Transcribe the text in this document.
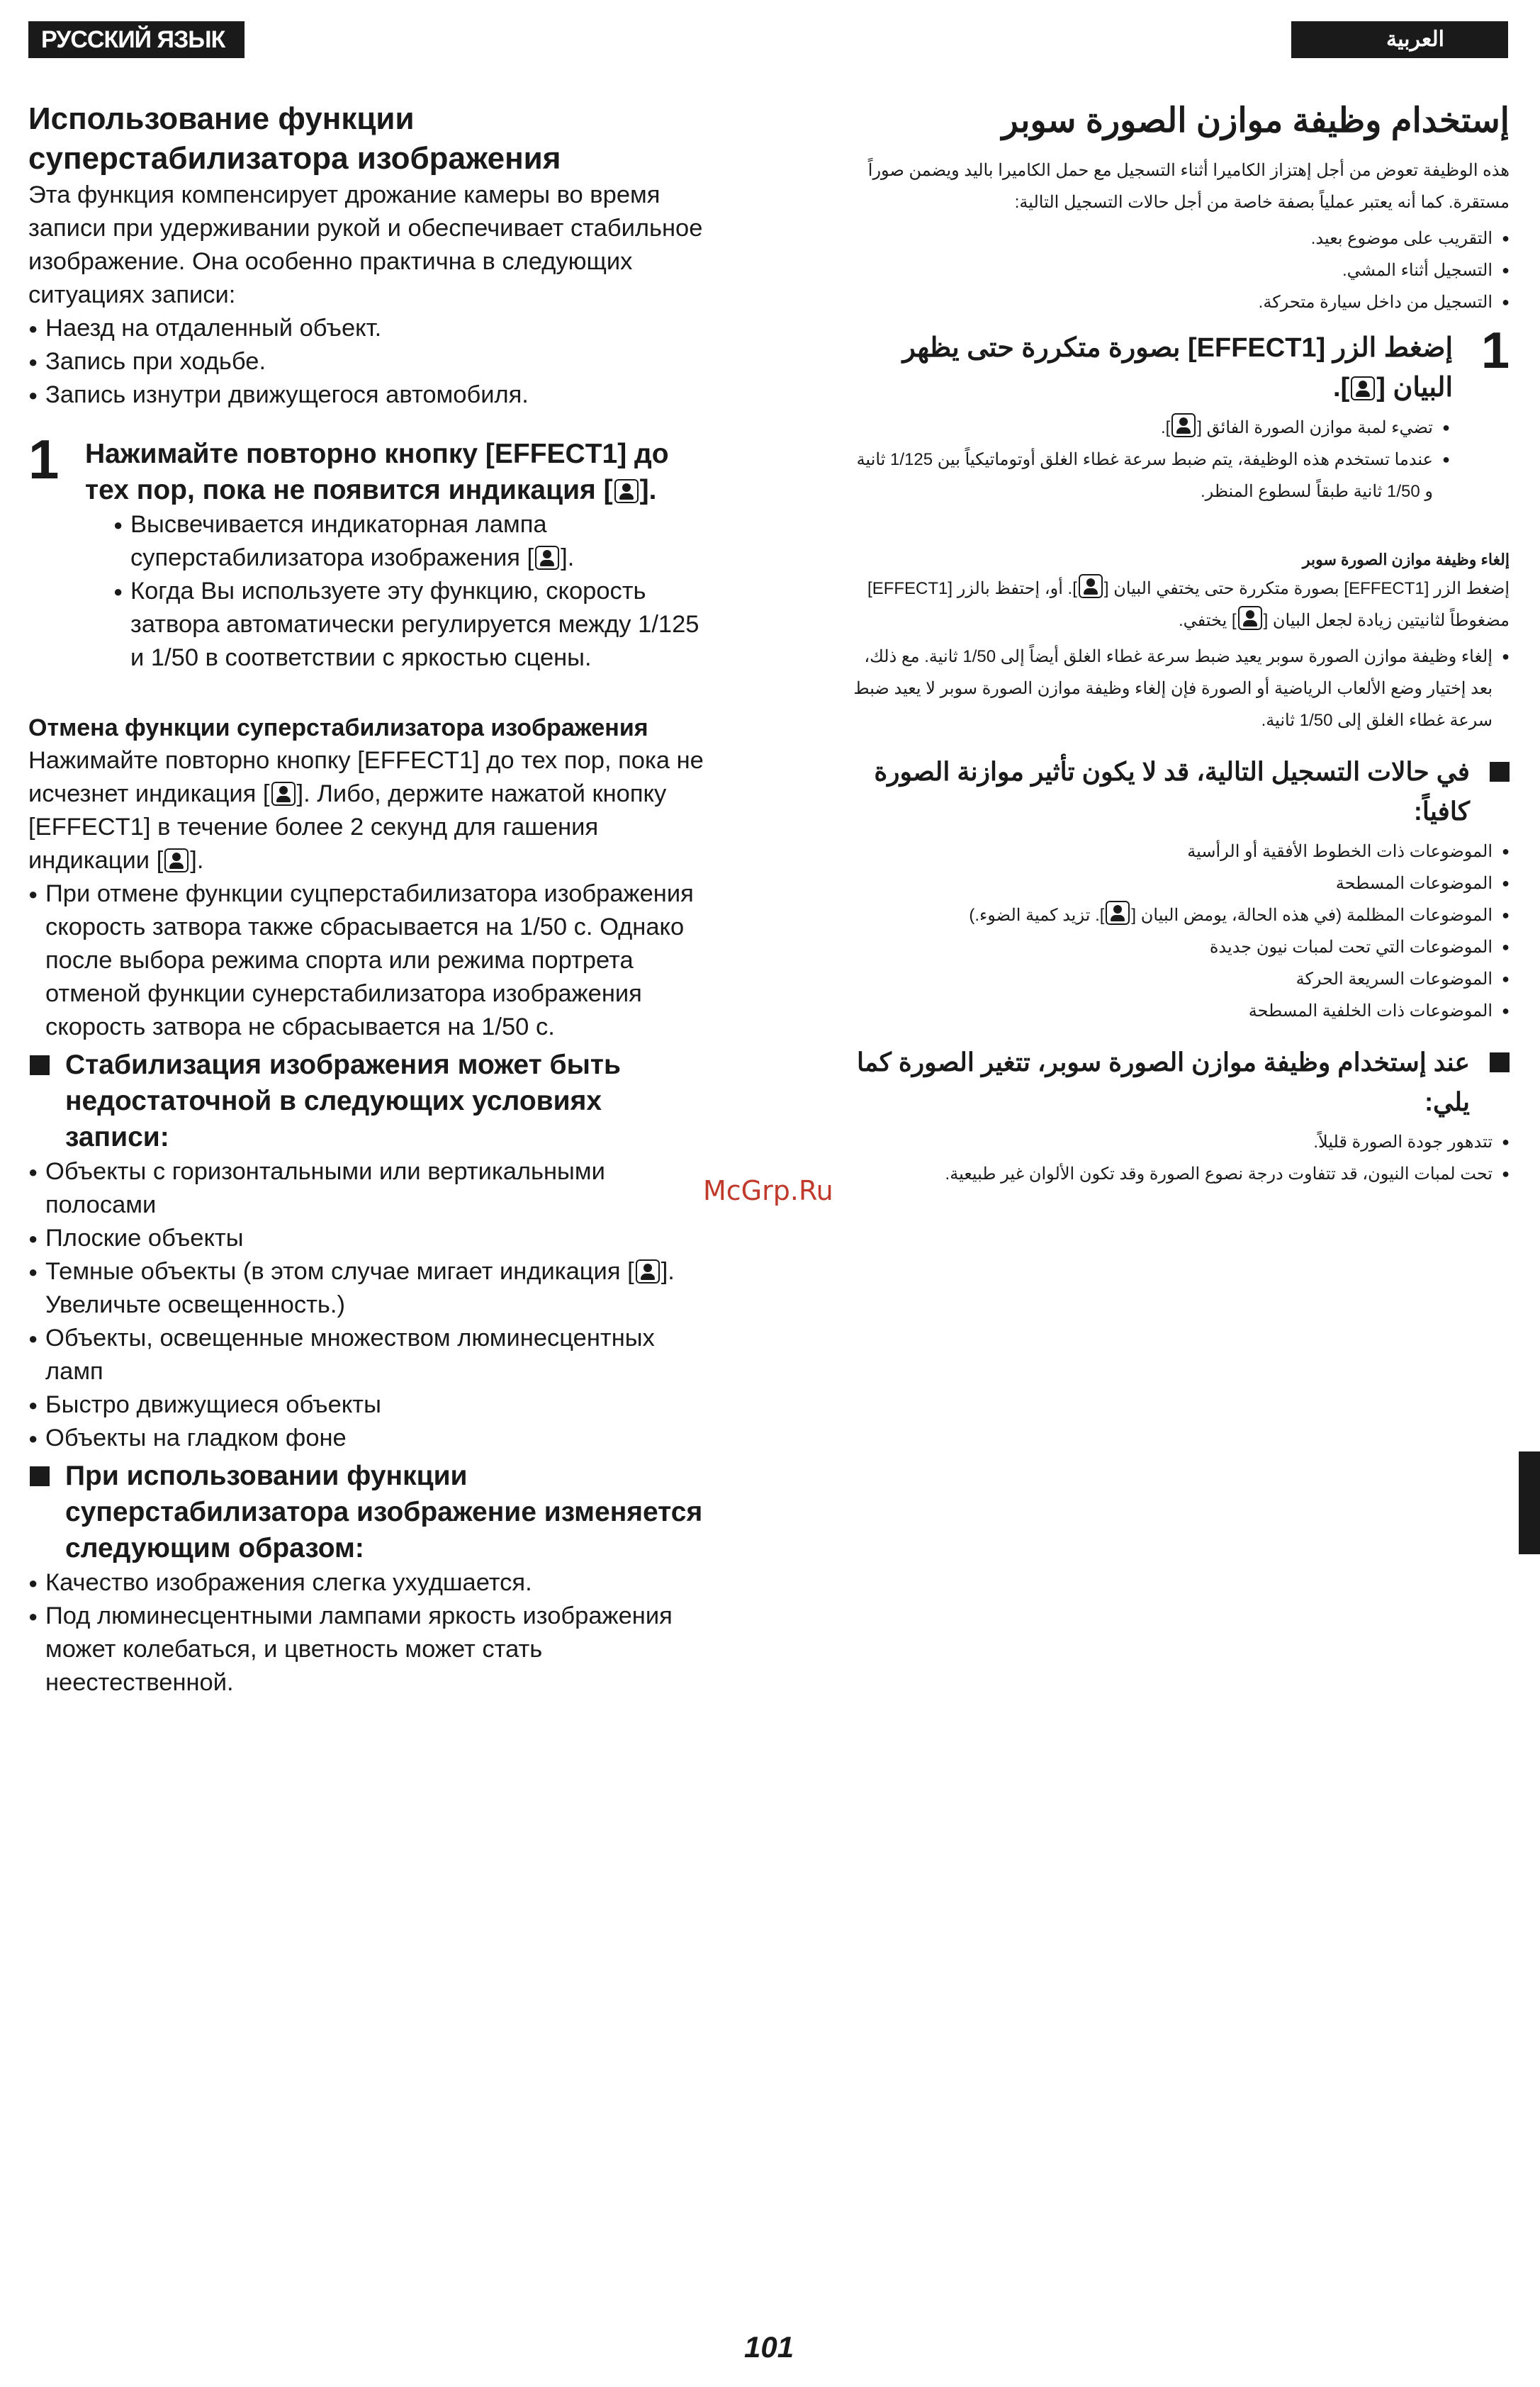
РУССКИЙ ЯЗЫК	العربية
Использование функции суперстабилизатора изображения

Эта функция компенсирует дрожание камеры во время записи при удерживании рукой и обеспечивает стабильное изображение. Она особенно практична в следующих ситуациях записи:

● Наезд на отдаленный объект.
● Запись при ходьбе.
● Запись изнутри движущегося автомобиля.
1 Нажимайте повторно кнопку [EFFECT1] до тех пор, пока не появится индикация [ ].
● Высвечивается индикаторная лампа суперстабилизатора изображения [ ].
● Когда Вы используете эту функцию, скорость затвора автоматически регулируется между 1/125 и 1/50 в соответствии с яркостью сцены.
Отмена функции суперстабилизатора изображения

Нажимайте повторно кнопку [EFFECT1] до тех пор, пока не исчезнет индикация [ ]. Либо, держите нажатой кнопку [EFFECT1] в течение более 2 секунд для гашения индикации [ ].

● При отмене функции суцперстабилизатора изображения скорость затвора также сбрасывается на 1/50 с. Однако после выбора режима спорта или режима портрета отменой функции сунерстабилизатора изображения скорость затвора не сбрасывается на 1/50 с.
Стабилизация изображения может быть недостаточной в следующих условиях записи:
● Объекты с горизонтальными или вертикальными полосами
● Плоские объекты
● Темные объекты (в этом случае мигает индикация [ ]. Увеличьте освещенность.)
● Объекты, освещенные множеством люминесцентных ламп
● Быстро движущиеся объекты
● Объекты на гладком фоне
При использовании функции суперстабилизатора изображение изменяется следующим образом:
● Качество изображения слегка ухудшается.
● Под люминесцентными лампами яркость изображения может колебаться, и цветность может стать неестественной.
إستخدام وظيفة موازن الصورة سوبر

هذه الوظيفة تعوض من أجل إهتزاز الكاميرا أثناء التسجيل مع حمل الكاميرا باليد ويضمن صوراً مستقرة. كما أنه يعتبر عملياً بصفة خاصة من أجل حالات التسجيل التالية:

● التقريب على موضوع بعيد.
● التسجيل أثناء المشي.
● التسجيل من داخل سيارة متحركة.
1
إضغط الزر [EFFECT1] بصورة متكررة حتى يظهر البيان [].
● تضيء لمبة موازن الصورة الفائق [].
● عندما تستخدم هذه الوظيفة، يتم ضبط سرعة غطاء الغلق أوتوماتيكياً بين 1/125 ثانية و 1/50 ثانية طبقاً لسطوع المنظر.
إلغاء وظيفة موازن الصورة سوبر

إضغط الزر [EFFECT1] بصورة متكررة حتى يختفي البيان []. أو، إحتفظ بالزر [EFFECT1] مضغوطاً لثانيتين زيادة لجعل البيان [] يختفي.

● إلغاء وظيفة موازن الصورة سوبر يعيد ضبط سرعة غطاء الغلق أيضاً إلى 1/50 ثانية. مع ذلك، بعد إختيار وضع الألعاب الرياضية أو الصورة فإن إلغاء وظيفة موازن الصورة سوبر لا يعيد ضبط سرعة غطاء الغلق إلى 1/50 ثانية.
في حالات التسجيل التالية، قد لا يكون تأثير موازنة الصورة كافياً:
● الموضوعات ذات الخطوط الأفقية أو الرأسية
● الموضوعات المسطحة
● الموضوعات المظلمة (في هذه الحالة، يومض البيان []. تزيد كمية الضوء.)
● الموضوعات التي تحت لمبات نيون جديدة
● الموضوعات السريعة الحركة
● الموضوعات ذات الخلفية المسطحة
عند إستخدام وظيفة موازن الصورة سوبر، تتغير الصورة كما يلي:
● تتدهور جودة الصورة قليلاً.
● تحت لمبات النيون، قد تتفاوت درجة نصوع الصورة وقد تكون الألوان غير طبيعية.
McGrp.Ru
101
